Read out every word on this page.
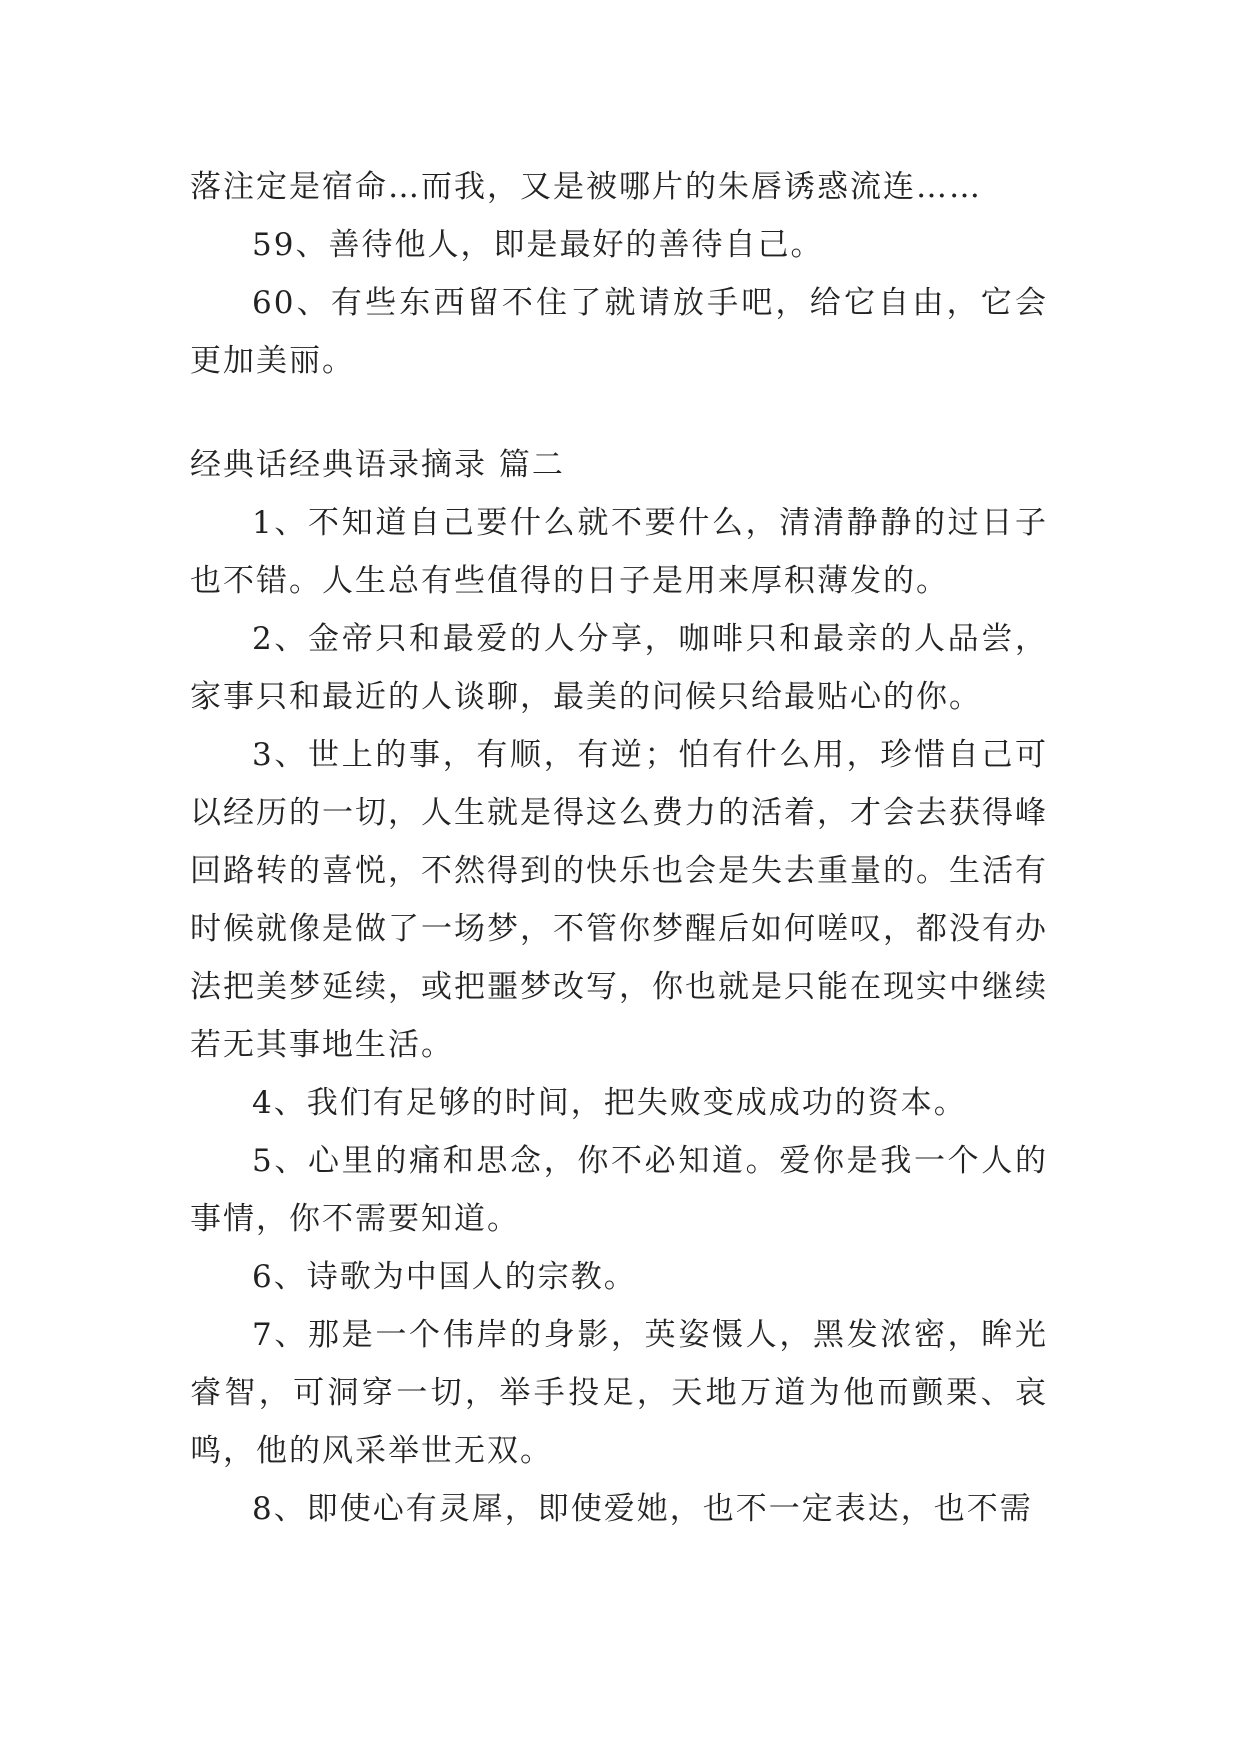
落注定是宿命…而我，又是被哪片的朱唇诱惑流连……

59、善待他人，即是最好的善待自己。

60、有些东西留不住了就请放手吧，给它自由，它会更加美丽。

经典话经典语录摘录 篇二

1、不知道自己要什么就不要什么，清清静静的过日子也不错。人生总有些值得的日子是用来厚积薄发的。

2、金帝只和最爱的人分享，咖啡只和最亲的人品尝，家事只和最近的人谈聊，最美的问候只给最贴心的你。

3、世上的事，有顺，有逆；怕有什么用，珍惜自己可以经历的一切，人生就是得这么费力的活着，才会去获得峰回路转的喜悦，不然得到的快乐也会是失去重量的。生活有时候就像是做了一场梦，不管你梦醒后如何嗟叹，都没有办法把美梦延续，或把噩梦改写，你也就是只能在现实中继续若无其事地生活。

4、我们有足够的时间，把失败变成成功的资本。

5、心里的痛和思念，你不必知道。爱你是我一个人的事情，你不需要知道。

6、诗歌为中国人的宗教。

7、那是一个伟岸的身影，英姿慑人，黑发浓密，眸光睿智，可洞穿一切，举手投足，天地万道为他而颤栗、哀鸣，他的风采举世无双。

8、即使心有灵犀，即使爱她，也不一定表达，也不需
